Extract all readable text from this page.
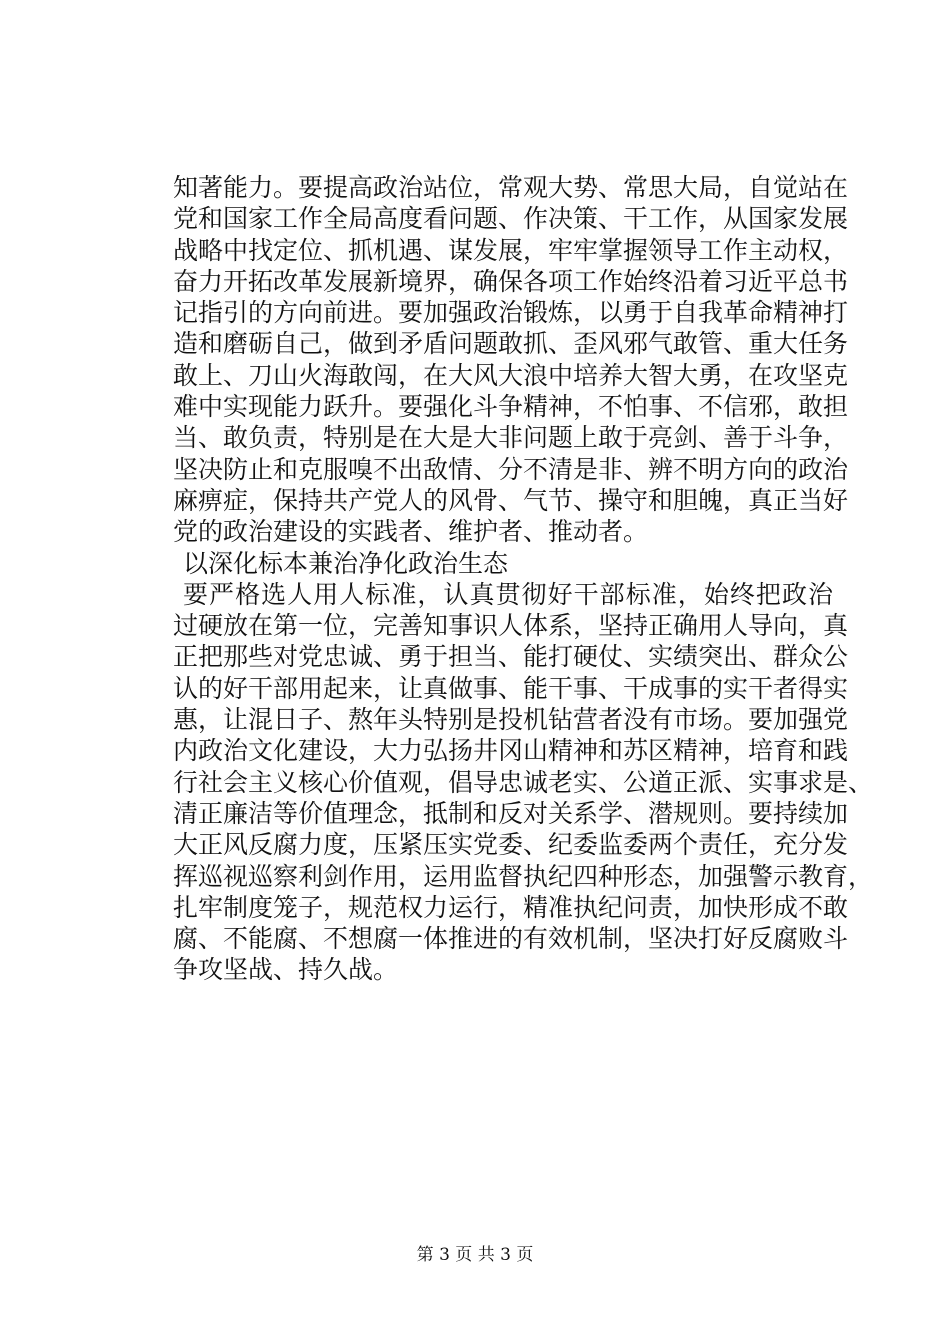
知著能力。要提高政治站位，常观大势、常思大局，自觉站在
党和国家工作全局高度看问题、作决策、干工作，从国家发展
战略中找定位、抓机遇、谋发展，牢牢掌握领导工作主动权，
奋力开拓改革发展新境界，确保各项工作始终沿着习近平总书
记指引的方向前进。要加强政治锻炼，以勇于自我革命精神打
造和磨砺自己，做到矛盾问题敢抓、歪风邪气敢管、重大任务
敢上、刀山火海敢闯，在大风大浪中培养大智大勇，在攻坚克
难中实现能力跃升。要强化斗争精神，不怕事、不信邪，敢担
当、敢负责，特别是在大是大非问题上敢于亮剑、善于斗争，
坚决防止和克服嗅不出敌情、分不清是非、辨不明方向的政治
麻痹症，保持共产党人的风骨、气节、操守和胆魄，真正当好
党的政治建设的实践者、维护者、推动者。
以深化标本兼治净化政治生态
要严格选人用人标准，认真贯彻好干部标准，始终把政治
过硬放在第一位，完善知事识人体系，坚持正确用人导向，真
正把那些对党忠诚、勇于担当、能打硬仗、实绩突出、群众公
认的好干部用起来，让真做事、能干事、干成事的实干者得实
惠，让混日子、熬年头特别是投机钻营者没有市场。要加强党
内政治文化建设，大力弘扬井冈山精神和苏区精神，培育和践
行社会主义核心价值观，倡导忠诚老实、公道正派、实事求是、
清正廉洁等价值理念，抵制和反对关系学、潜规则。要持续加
大正风反腐力度，压紧压实党委、纪委监委两个责任，充分发
挥巡视巡察利剑作用，运用监督执纪四种形态，加强警示教育，
扎牢制度笼子，规范权力运行，精准执纪问责，加快形成不敢
腐、不能腐、不想腐一体推进的有效机制，坚决打好反腐败斗
争攻坚战、持久战。
第 3 页 共 3 页
